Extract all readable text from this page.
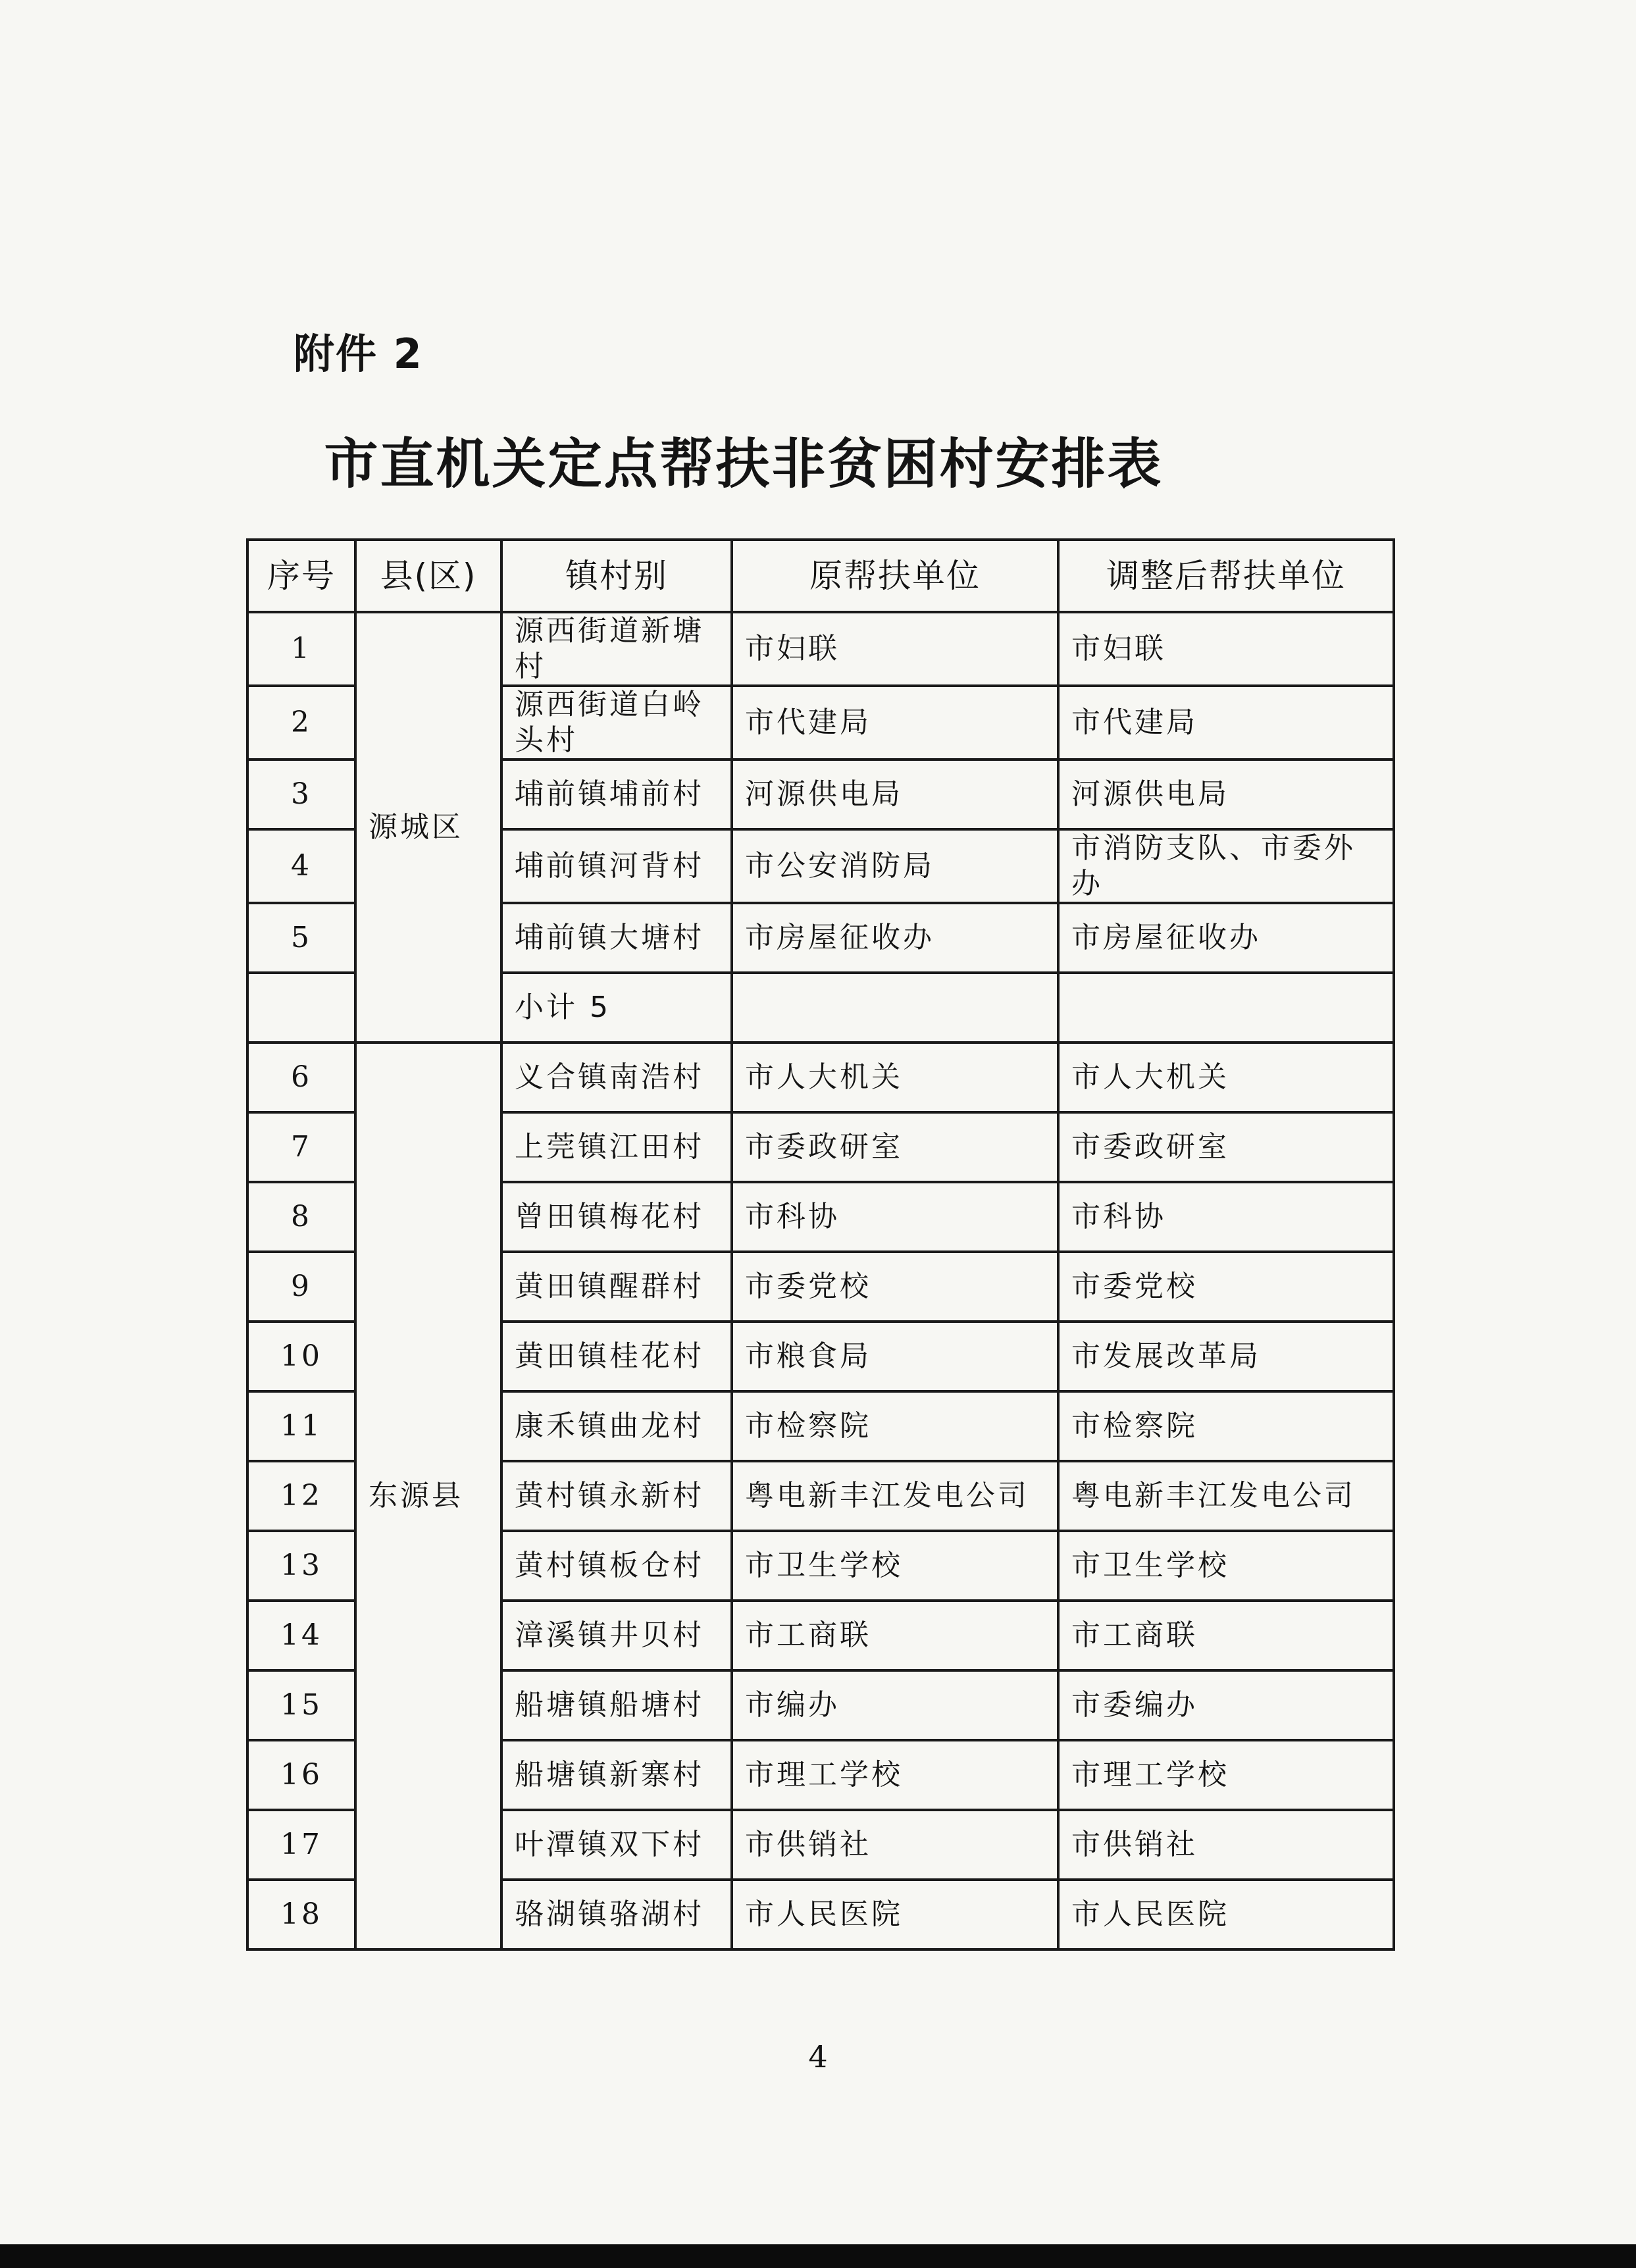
附件 2
市直机关定点帮扶非贫困村安排表
序号	县(区)	镇村别	原帮扶单位	调整后帮扶单位
1	源城区	源西街道新塘村	市妇联	市妇联
2		源西街道白岭头村	市代建局	市代建局
3		埔前镇埔前村	河源供电局	河源供电局
4		埔前镇河背村	市公安消防局	市消防支队、市委外办
5		埔前镇大塘村	市房屋征收办	市房屋征收办
		小计 5		
6	东源县	义合镇南浩村	市人大机关	市人大机关
7		上莞镇江田村	市委政研室	市委政研室
8		曾田镇梅花村	市科协	市科协
9		黄田镇醒群村	市委党校	市委党校
10		黄田镇桂花村	市粮食局	市发展改革局
11		康禾镇曲龙村	市检察院	市检察院
12		黄村镇永新村	粤电新丰江发电公司	粤电新丰江发电公司
13		黄村镇板仓村	市卫生学校	市卫生学校
14		漳溪镇井贝村	市工商联	市工商联
15		船塘镇船塘村	市编办	市委编办
16		船塘镇新寨村	市理工学校	市理工学校
17		叶潭镇双下村	市供销社	市供销社
18		骆湖镇骆湖村	市人民医院	市人民医院
4
